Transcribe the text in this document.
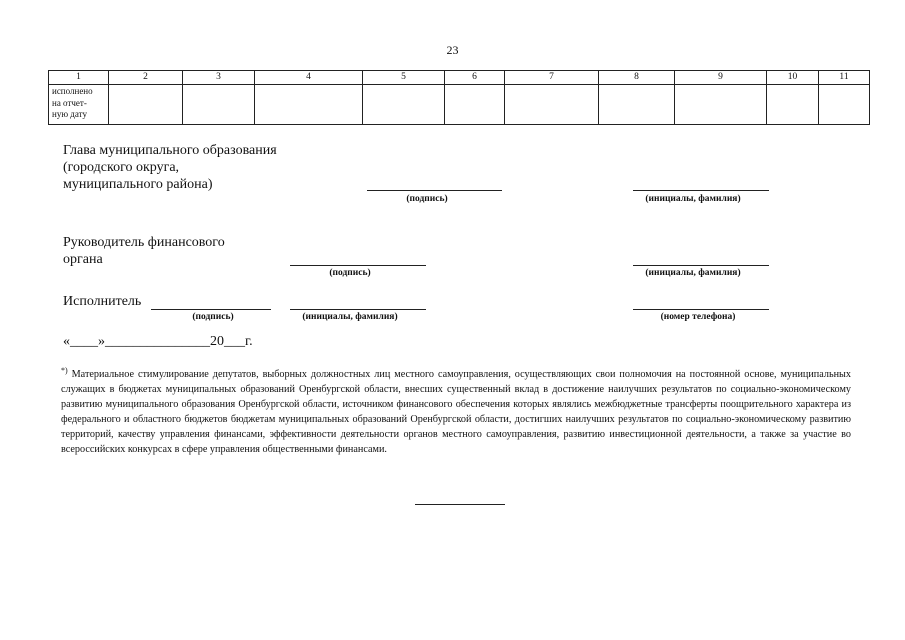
23
1	2	3	4	5	6	7	8	9	10	11

исполнено
на отчет-
ную дату										

Глава муниципального образования
(городского округа,
муниципального района)
(подпись)	(инициалы, фамилия)
Руководитель финансового
органа
(подпись)	(инициалы, фамилия)
Исполнитель
(подпись)	(инициалы, фамилия)	(номер телефона)
«____»_______________20___г.
*) Материальное стимулирование депутатов, выборных должностных лиц местного самоуправления, осуществляющих свои полномочия на постоянной основе, муниципальных служащих в бюджетах муниципальных образований Оренбургской области, внесших существенный вклад в достижение наилучших результатов по социально-экономическому развитию муниципального образования Оренбургской области, источником финансового обеспечения которых являлись межбюджетные трансферты поощрительного характера из федерального и областного бюджетов бюджетам муниципальных образований Оренбургской области, достигших наилучших результатов по социально-экономическому развитию территорий, качеству управления финансами, эффективности деятельности органов местного самоуправления, развитию инвестиционной деятельности, а также за участие во всероссийских конкурсах в сфере управления общественными финансами.
